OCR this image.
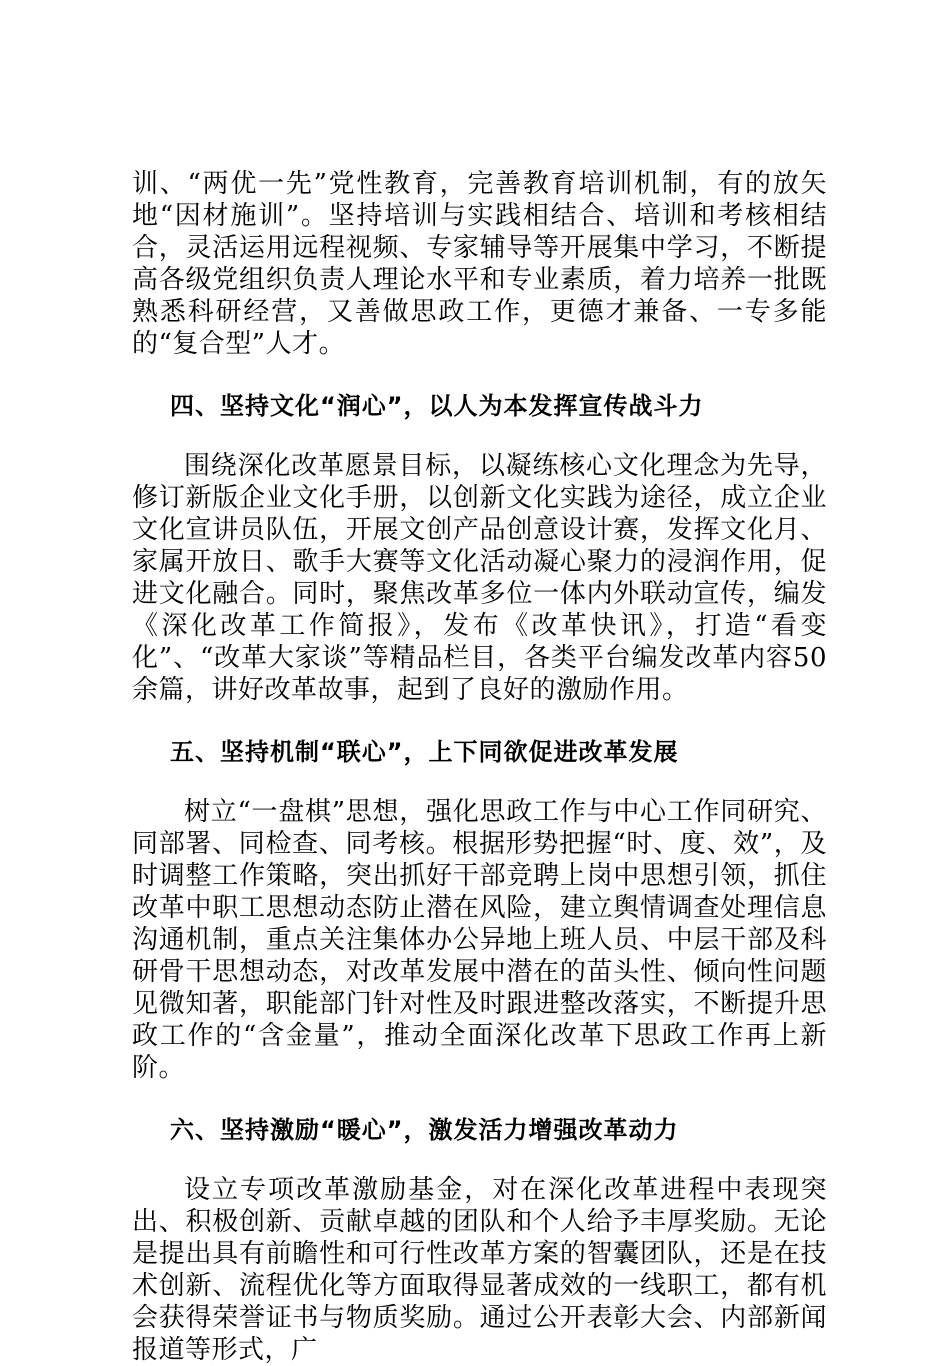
训、“两优一先”党性教育，完善教育培训机制，有的放矢地“因材施训”。坚持培训与实践相结合、培训和考核相结合，灵活运用远程视频、专家辅导等开展集中学习，不断提高各级党组织负责人理论水平和专业素质，着力培养一批既熟悉科研经营，又善做思政工作，更德才兼备、一专多能的“复合型”人才。

四、坚持文化“润心”，以人为本发挥宣传战斗力

围绕深化改革愿景目标，以凝练核心文化理念为先导，修订新版企业文化手册，以创新文化实践为途径，成立企业文化宣讲员队伍，开展文创产品创意设计赛，发挥文化月、家属开放日、歌手大赛等文化活动凝心聚力的浸润作用，促进文化融合。同时，聚焦改革多位一体内外联动宣传，编发《深化改革工作简报》，发布《改革快讯》，打造“看变化”、“改革大家谈”等精品栏目，各类平台编发改革内容50余篇，讲好改革故事，起到了良好的激励作用。

五、坚持机制“联心”，上下同欲促进改革发展

树立“一盘棋”思想，强化思政工作与中心工作同研究、同部署、同检查、同考核。根据形势把握“时、度、效”，及时调整工作策略，突出抓好干部竞聘上岗中思想引领，抓住改革中职工思想动态防止潜在风险，建立舆情调查处理信息沟通机制，重点关注集体办公异地上班人员、中层干部及科研骨干思想动态，对改革发展中潜在的苗头性、倾向性问题见微知著，职能部门针对性及时跟进整改落实，不断提升思政工作的“含金量”，推动全面深化改革下思政工作再上新阶。

六、坚持激励“暖心”，激发活力增强改革动力

设立专项改革激励基金，对在深化改革进程中表现突出、积极创新、贡献卓越的团队和个人给予丰厚奖励。无论是提出具有前瞻性和可行性改革方案的智囊团队，还是在技术创新、流程优化等方面取得显著成效的一线职工，都有机会获得荣誉证书与物质奖励。通过公开表彰大会、内部新闻报道等形式，广
